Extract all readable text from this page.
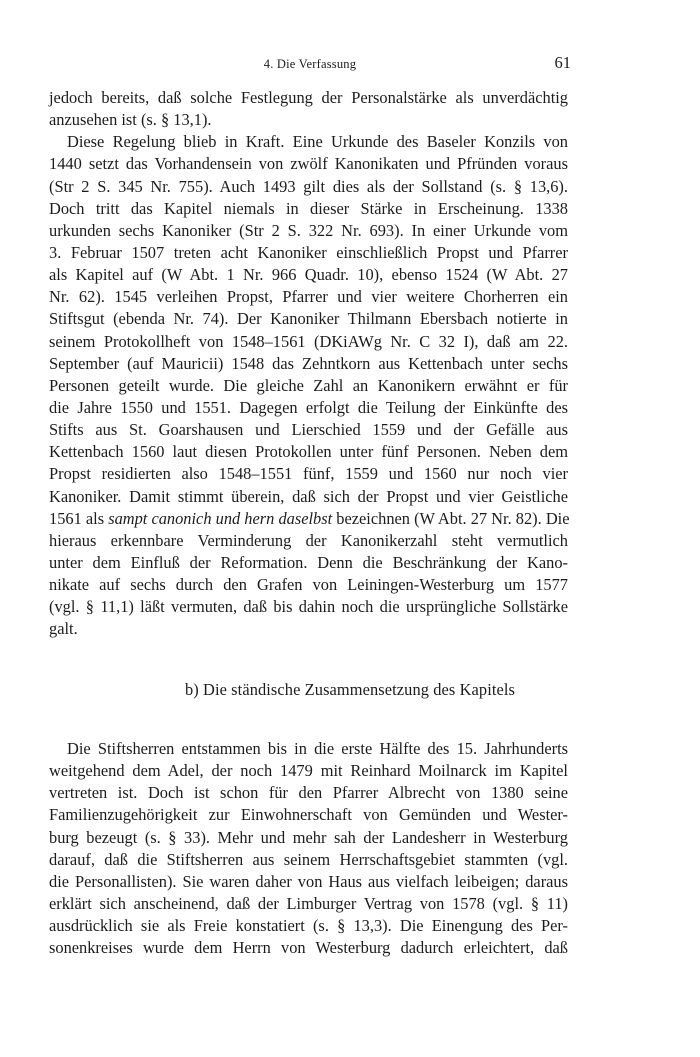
4. Die Verfassung	61
jedoch bereits, daß solche Festlegung der Personalstärke als unverdächtig
anzusehen ist (s. § 13,1).
Diese Regelung blieb in Kraft. Eine Urkunde des Baseler Konzils von
1440 setzt das Vorhandensein von zwölf Kanonikaten und Pfründen voraus
(Str 2 S. 345 Nr. 755). Auch 1493 gilt dies als der Sollstand (s. § 13,6).
Doch tritt das Kapitel niemals in dieser Stärke in Erscheinung. 1338
urkunden sechs Kanoniker (Str 2 S. 322 Nr. 693). In einer Urkunde vom
3. Februar 1507 treten acht Kanoniker einschließlich Propst und Pfarrer
als Kapitel auf (W Abt. 1 Nr. 966 Quadr. 10), ebenso 1524 (W Abt. 27
Nr. 62). 1545 verleihen Propst, Pfarrer und vier weitere Chorherren ein
Stiftsgut (ebenda Nr. 74). Der Kanoniker Thilmann Ebersbach notierte in
seinem Protokollheft von 1548–1561 (DKiAWg Nr. C 32 I), daß am 22.
September (auf Mauricii) 1548 das Zehntkorn aus Kettenbach unter sechs
Personen geteilt wurde. Die gleiche Zahl an Kanonikern erwähnt er für
die Jahre 1550 und 1551. Dagegen erfolgt die Teilung der Einkünfte des
Stifts aus St. Goarshausen und Lierschied 1559 und der Gefälle aus
Kettenbach 1560 laut diesen Protokollen unter fünf Personen. Neben dem
Propst residierten also 1548–1551 fünf, 1559 und 1560 nur noch vier
Kanoniker. Damit stimmt überein, daß sich der Propst und vier Geistliche
1561 als sampt canonich und hern daselbst bezeichnen (W Abt. 27 Nr. 82). Die
hieraus erkennbare Verminderung der Kanonikerzahl steht vermutlich
unter dem Einfluß der Reformation. Denn die Beschränkung der Kano-
nikate auf sechs durch den Grafen von Leiningen-Westerburg um 1577
(vgl. § 11,1) läßt vermuten, daß bis dahin noch die ursprüngliche Sollstärke
galt.
b) Die ständische Zusammensetzung des Kapitels
Die Stiftsherren entstammen bis in die erste Hälfte des 15. Jahrhunderts
weitgehend dem Adel, der noch 1479 mit Reinhard Moilnarck im Kapitel
vertreten ist. Doch ist schon für den Pfarrer Albrecht von 1380 seine
Familienzugehörigkeit zur Einwohnerschaft von Gemünden und Wester-
burg bezeugt (s. § 33). Mehr und mehr sah der Landesherr in Westerburg
darauf, daß die Stiftsherren aus seinem Herrschaftsgebiet stammten (vgl.
die Personallisten). Sie waren daher von Haus aus vielfach leibeigen; daraus
erklärt sich anscheinend, daß der Limburger Vertrag von 1578 (vgl. § 11)
ausdrücklich sie als Freie konstatiert (s. § 13,3). Die Einengung des Per-
sonenkreises wurde dem Herrn von Westerburg dadurch erleichtert, daß
